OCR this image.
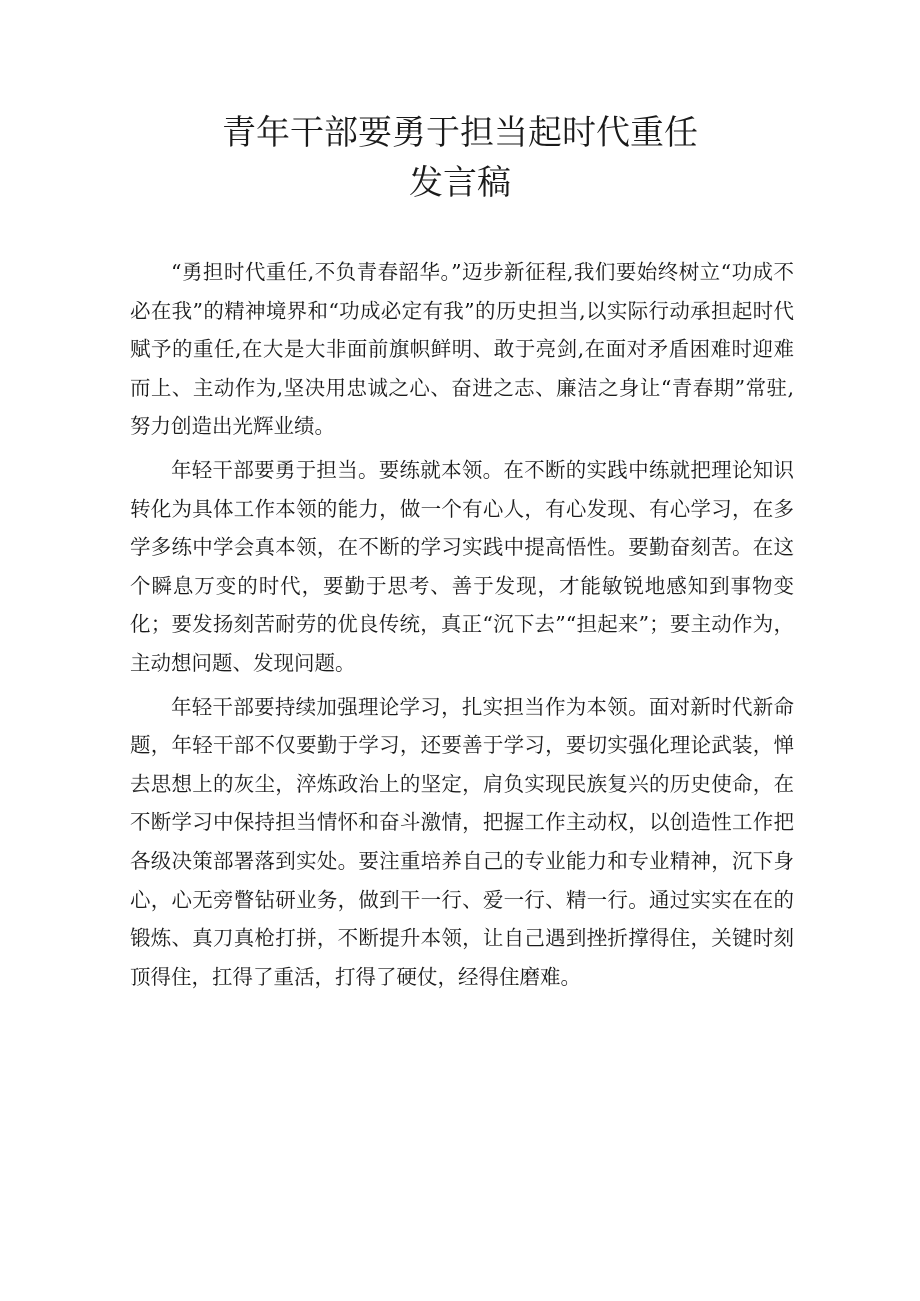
青年干部要勇于担当起时代重任
发言稿

“勇担时代重任,不负青春韶华。”迈步新征程,我们要始终树立“功成不必在我”的精神境界和“功成必定有我”的历史担当,以实际行动承担起时代赋予的重任,在大是大非面前旗帜鲜明、敢于亮剑,在面对矛盾困难时迎难而上、主动作为,坚决用忠诚之心、奋进之志、廉洁之身让“青春期”常驻,努力创造出光辉业绩。

年轻干部要勇于担当。要练就本领。在不断的实践中练就把理论知识转化为具体工作本领的能力，做一个有心人，有心发现、有心学习，在多学多练中学会真本领，在不断的学习实践中提高悟性。要勤奋刻苦。在这个瞬息万变的时代，要勤于思考、善于发现，才能敏锐地感知到事物变化；要发扬刻苦耐劳的优良传统，真正“沉下去”“担起来”；要主动作为，主动想问题、发现问题。

年轻干部要持续加强理论学习，扎实担当作为本领。面对新时代新命题，年轻干部不仅要勤于学习，还要善于学习，要切实强化理论武装，惮去思想上的灰尘，淬炼政治上的坚定，肩负实现民族复兴的历史使命，在不断学习中保持担当情怀和奋斗激情，把握工作主动权，以创造性工作把各级决策部署落到实处。要注重培养自己的专业能力和专业精神，沉下身心，心无旁瞥钻研业务，做到干一行、爱一行、精一行。通过实实在在的锻炼、真刀真枪打拼，不断提升本领，让自己遇到挫折撑得住，关键时刻顶得住，扛得了重活，打得了硬仗，经得住磨难。
